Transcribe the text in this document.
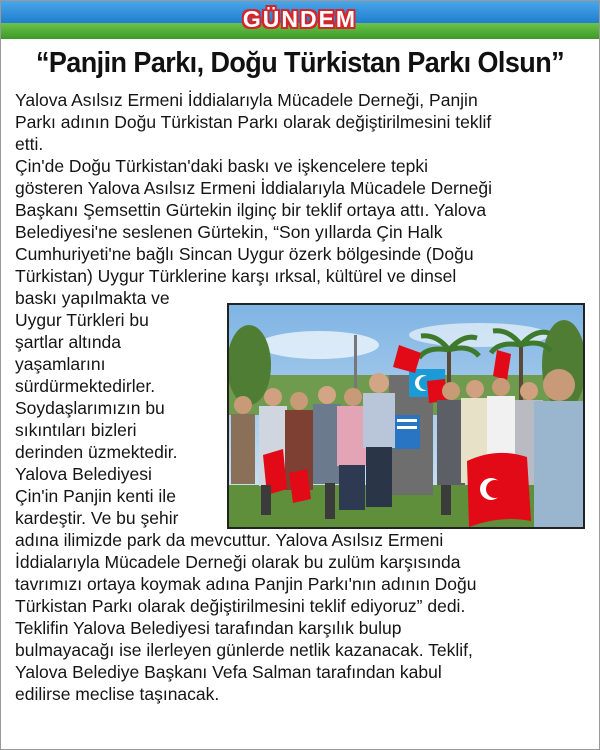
GÜNDEM
“Panjin Parkı, Doğu Türkistan Parkı Olsun”
Yalova Asılsız Ermeni İddialarıyla Mücadele Derneği, Panjin
Parkı adının Doğu Türkistan Parkı olarak değiştirilmesini teklif
etti.
Çin'de Doğu Türkistan'daki baskı ve işkencelere tepki
gösteren Yalova Asılsız Ermeni İddialarıyla Mücadele Derneği
Başkanı Şemsettin Gürtekin ilginç bir teklif ortaya attı. Yalova
Belediyesi'ne seslenen Gürtekin, “Son yıllarda Çin Halk
Cumhuriyeti'ne bağlı Sincan Uygur özerk bölgesinde (Doğu
Türkistan) Uygur Türklerine karşı ırksal, kültürel ve dinsel
baskı yapılmakta ve
Uygur Türkleri bu
şartlar altında
yaşamlarını
sürdürmektedirler.
Soydaşlarımızın bu
sıkıntıları bizleri
derinden üzmektedir.
Yalova Belediyesi
Çin'in Panjin kenti ile
kardeştir. Ve bu şehir
adına ilimizde park da mevcuttur. Yalova Asılsız Ermeni
İddialarıyla Mücadele Derneği olarak bu zulüm karşısında
tavrımızı ortaya koymak adına Panjin Parkı'nın adının Doğu
Türkistan Parkı olarak değiştirilmesini teklif ediyoruz” dedi.
Teklifin Yalova Belediyesi tarafından karşılık bulup
bulmayacağı ise ilerleyen günlerde netlik kazanacak. Teklif,
Yalova Belediye Başkanı Vefa Salman tarafından kabul
edilirse meclise taşınacak.
